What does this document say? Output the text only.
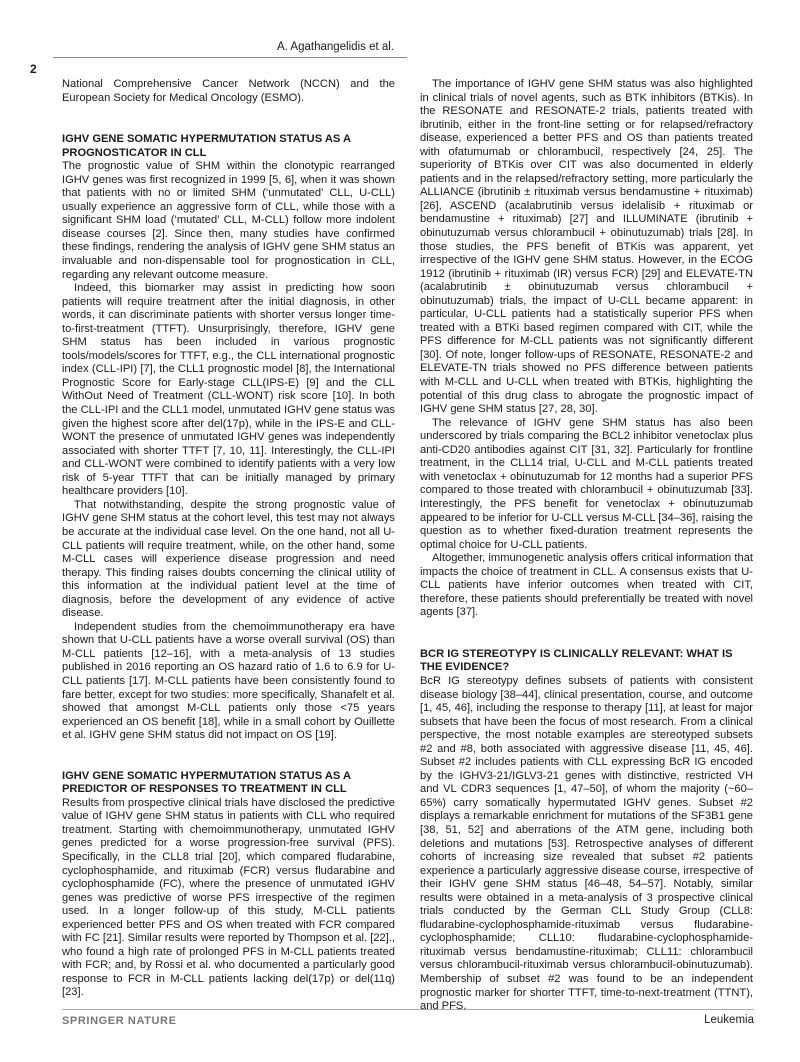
A. Agathangelidis et al.
2

National Comprehensive Cancer Network (NCCN) and the European Society for Medical Oncology (ESMO).

IGHV GENE SOMATIC HYPERMUTATION STATUS AS A PROGNOSTICATOR IN CLL

The prognostic value of SHM within the clonotypic rearranged IGHV genes was first recognized in 1999 [5, 6], when it was shown that patients with no or limited SHM (‘unmutated’ CLL, U-CLL) usually experience an aggressive form of CLL, while those with a significant SHM load (‘mutated’ CLL, M-CLL) follow more indolent disease courses [2]. Since then, many studies have confirmed these findings, rendering the analysis of IGHV gene SHM status an invaluable and non-dispensable tool for prognostication in CLL, regarding any relevant outcome measure.

Indeed, this biomarker may assist in predicting how soon patients will require treatment after the initial diagnosis, in other words, it can discriminate patients with shorter versus longer time-to-first-treatment (TTFT). Unsurprisingly, therefore, IGHV gene SHM status has been included in various prognostic tools/models/scores for TTFT, e.g., the CLL international prognostic index (CLL-IPI) [7], the CLL1 prognostic model [8], the International Prognostic Score for Early-stage CLL(IPS-E) [9] and the CLL WithOut Need of Treatment (CLL-WONT) risk score [10]. In both the CLL-IPI and the CLL1 model, unmutated IGHV gene status was given the highest score after del(17p), while in the IPS-E and CLL-WONT the presence of unmutated IGHV genes was independently associated with shorter TTFT [7, 10, 11]. Interestingly, the CLL-IPI and CLL-WONT were combined to identify patients with a very low risk of 5-year TTFT that can be initially managed by primary healthcare providers [10].

That notwithstanding, despite the strong prognostic value of IGHV gene SHM status at the cohort level, this test may not always be accurate at the individual case level. On the one hand, not all U-CLL patients will require treatment, while, on the other hand, some M-CLL cases will experience disease progression and need therapy. This finding raises doubts concerning the clinical utility of this information at the individual patient level at the time of diagnosis, before the development of any evidence of active disease.

Independent studies from the chemoimmunotherapy era have shown that U-CLL patients have a worse overall survival (OS) than M-CLL patients [12–16], with a meta-analysis of 13 studies published in 2016 reporting an OS hazard ratio of 1.6 to 6.9 for U-CLL patients [17]. M-CLL patients have been consistently found to fare better, except for two studies: more specifically, Shanafelt et al. showed that amongst M-CLL patients only those <75 years experienced an OS benefit [18], while in a small cohort by Ouillette et al. IGHV gene SHM status did not impact on OS [19].

IGHV GENE SOMATIC HYPERMUTATION STATUS AS A PREDICTOR OF RESPONSES TO TREATMENT IN CLL

Results from prospective clinical trials have disclosed the predictive value of IGHV gene SHM status in patients with CLL who required treatment. Starting with chemoimmunotherapy, unmutated IGHV genes predicted for a worse progression-free survival (PFS). Specifically, in the CLL8 trial [20], which compared fludarabine, cyclophosphamide, and rituximab (FCR) versus fludarabine and cyclophosphamide (FC), where the presence of unmutated IGHV genes was predictive of worse PFS irrespective of the regimen used. In a longer follow-up of this study, M-CLL patients experienced better PFS and OS when treated with FCR compared with FC [21]. Similar results were reported by Thompson et al. [22]., who found a high rate of prolonged PFS in M-CLL patients treated with FCR; and, by Rossi et al. who documented a particularly good response to FCR in M-CLL patients lacking del(17p) or del(11q) [23].

The importance of IGHV gene SHM status was also highlighted in clinical trials of novel agents, such as BTK inhibitors (BTKis). In the RESONATE and RESONATE-2 trials, patients treated with ibrutinib, either in the front-line setting or for relapsed/refractory disease, experienced a better PFS and OS than patients treated with ofatumumab or chlorambucil, respectively [24, 25]. The superiority of BTKis over CIT was also documented in elderly patients and in the relapsed/refractory setting, more particularly the ALLIANCE (ibrutinib ± rituximab versus bendamustine + rituximab) [26], ASCEND (acalabrutinib versus idelalisib + rituximab or bendamustine + rituximab) [27] and ILLUMINATE (ibrutinib + obinutuzumab versus chlorambucil + obinutuzumab) trials [28]. In those studies, the PFS benefit of BTKis was apparent, yet irrespective of the IGHV gene SHM status. However, in the ECOG 1912 (ibrutinib + rituximab (IR) versus FCR) [29] and ELEVATE-TN (acalabrutinib ± obinutuzumab versus chlorambucil + obinutuzumab) trials, the impact of U-CLL became apparent: in particular, U-CLL patients had a statistically superior PFS when treated with a BTKi based regimen compared with CIT, while the PFS difference for M-CLL patients was not significantly different [30]. Of note, longer follow-ups of RESONATE, RESONATE-2 and ELEVATE-TN trials showed no PFS difference between patients with M-CLL and U-CLL when treated with BTKis, highlighting the potential of this drug class to abrogate the prognostic impact of IGHV gene SHM status [27, 28, 30].

The relevance of IGHV gene SHM status has also been underscored by trials comparing the BCL2 inhibitor venetoclax plus anti-CD20 antibodies against CIT [31, 32]. Particularly for frontline treatment, in the CLL14 trial, U-CLL and M-CLL patients treated with venetoclax + obinutuzumab for 12 months had a superior PFS compared to those treated with chlorambucil + obinutuzumab [33]. Interestingly, the PFS benefit for venetoclax + obinutuzumab appeared to be inferior for U-CLL versus M-CLL [34–36], raising the question as to whether fixed-duration treatment represents the optimal choice for U-CLL patients.

Altogether, immunogenetic analysis offers critical information that impacts the choice of treatment in CLL. A consensus exists that U-CLL patients have inferior outcomes when treated with CIT, therefore, these patients should preferentially be treated with novel agents [37].

BCR IG STEREOTYPY IS CLINICALLY RELEVANT: WHAT IS THE EVIDENCE?

BcR IG stereotypy defines subsets of patients with consistent disease biology [38–44], clinical presentation, course, and outcome [1, 45, 46], including the response to therapy [11], at least for major subsets that have been the focus of most research. From a clinical perspective, the most notable examples are stereotyped subsets #2 and #8, both associated with aggressive disease [11, 45, 46]. Subset #2 includes patients with CLL expressing BcR IG encoded by the IGHV3-21/IGLV3-21 genes with distinctive, restricted VH and VL CDR3 sequences [1, 47–50], of whom the majority (~60–65%) carry somatically hypermutated IGHV genes. Subset #2 displays a remarkable enrichment for mutations of the SF3B1 gene [38, 51, 52] and aberrations of the ATM gene, including both deletions and mutations [53]. Retrospective analyses of different cohorts of increasing size revealed that subset #2 patients experience a particularly aggressive disease course, irrespective of their IGHV gene SHM status [46–48, 54–57]. Notably, similar results were obtained in a meta-analysis of 3 prospective clinical trials conducted by the German CLL Study Group (CLL8: fludarabine-cyclophosphamide-rituximab versus fludarabine-cyclophosphamide; CLL10: fludarabine-cyclophosphamide-rituximab versus bendamustine-rituximab; CLL11: chlorambucil versus chlorambucil-rituximab versus chlorambucil-obinutuzumab). Membership of subset #2 was found to be an independent prognostic marker for shorter TTFT, time-to-next-treatment (TTNT), and PFS,

SPRINGER NATURE	Leukemia
